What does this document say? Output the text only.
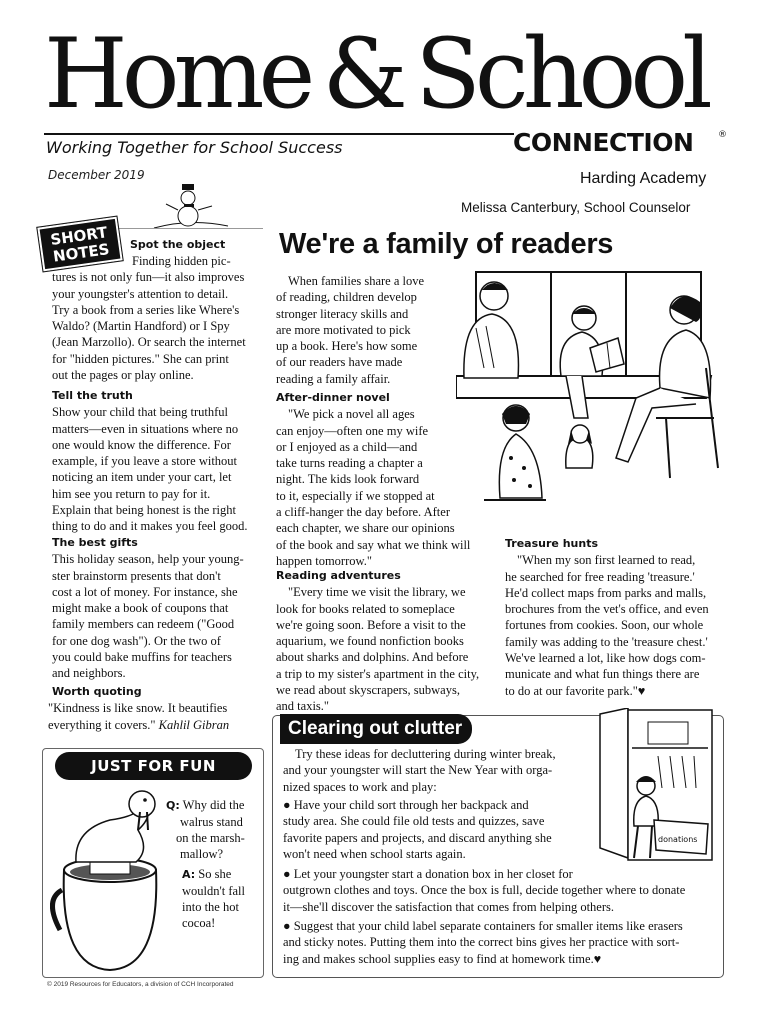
Home & School
Working Together for School Success	CONNECTION	®
December 2019	Harding Academy
Melissa Canterbury, School Counselor
SHORT NOTES	Spot the object

Finding hidden pic-

tures is not only fun—it also improves

your youngster's attention to detail.

Try a book from a series like Where's

Waldo? (Martin Handford) or I Spy

(Jean Marzollo). Or search the internet

for "hidden pictures." She can print

out the pages or play online.

Tell the truth

Show your child that being truthful

matters—even in situations where no

one would know the difference. For

example, if you leave a store without

noticing an item under your cart, let

him see you return to pay for it.

Explain that being honest is the right

thing to do and it makes you feel good.

The best gifts

This holiday season, help your young-

ster brainstorm presents that don't

cost a lot of money. For instance, she

might make a book of coupons that

family members can redeem ("Good

for one dog wash"). Or the two of

you could bake muffins for teachers

and neighbors.

Worth quoting

"Kindness is like snow. It beautifies

everything it covers." Kahlil Gibran

JUST FOR FUN

Q: Why did the

walrus stand

on the marsh-

mallow?

A: So she

wouldn't fall

into the hot

cocoa!

© 2019 Resources for Educators, a division of CCH Incorporated
We're a family of readers

When families share a love

of reading, children develop

stronger literacy skills and

are more motivated to pick

up a book. Here's how some

of our readers have made

reading a family affair.

After-dinner novel

"We pick a novel all ages

can enjoy—often one my wife

or I enjoyed as a child—and

take turns reading a chapter a

night. The kids look forward

to it, especially if we stopped at

a cliff-hanger the day before. After

each chapter, we share our opinions

of the book and say what we think will

happen tomorrow."

Reading adventures

"Every time we visit the library, we

look for books related to someplace

we're going soon. Before a visit to the

aquarium, we found nonfiction books

about sharks and dolphins. And before

a trip to my sister's apartment in the city,

we read about skyscrapers, subways,

and taxis."

Treasure hunts

"When my son first learned to read,

he searched for free reading 'treasure.'

He'd collect maps from parks and malls,

brochures from the vet's office, and even

fortunes from cookies. Soon, our whole

family was adding to the 'treasure chest.'

We've learned a lot, like how dogs com-

municate and what fun things there are

to do at our favorite park."♥

Clearing out clutter

Try these ideas for decluttering during winter break,

and your youngster will start the New Year with orga-

nized spaces to work and play:

● Have your child sort through her backpack and

study area. She could file old tests and quizzes, save

favorite papers and projects, and discard anything she

won't need when school starts again.

● Let your youngster start a donation box in her closet for

outgrown clothes and toys. Once the box is full, decide together where to donate

it—she'll discover the satisfaction that comes from helping others.

● Suggest that your child label separate containers for smaller items like erasers

and sticky notes. Putting them into the correct bins gives her practice with sort-

ing and makes school supplies easy to find at homework time.♥

donations
